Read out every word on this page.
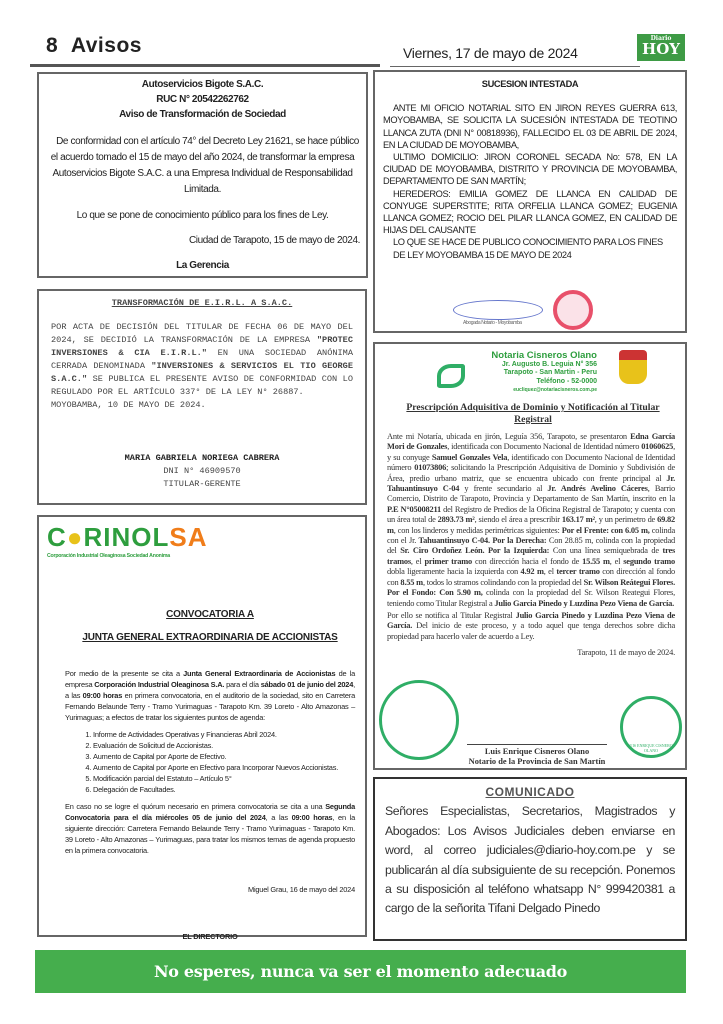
8 Avisos	Viernes, 17 de mayo de 2024
Diario
HOY
Autoservicios Bigote S.A.C.
RUC N° 20542262762
Aviso de Transformación de Sociedad

De conformidad con el artículo 74° del Decreto Ley 21621, se hace público el acuerdo tomado el 15 de mayo del año 2024, de transformar la empresa Autoservicios Bigote S.A.C. a una Empresa Individual de Responsabilidad Limitada.

Lo que se pone de conocimiento público para los fines de Ley.

Ciudad de Tarapoto, 15 de mayo de 2024.

La Gerencia

TRANSFORMACIÓN DE E.I.R.L. A S.A.C.
POR ACTA DE DECISIÓN DEL TITULAR DE FECHA 06 DE MAYO DEL 2024, SE DECIDIÓ LA TRANSFORMACIÓN DE LA EMPRESA "PROTEC INVERSIONES & CIA E.I.R.L." EN UNA SOCIEDAD ANÓNIMA CERRADA DENOMINADA "INVERSIONES & SERVICIOS EL TIO GEORGE S.A.C." SE PUBLICA EL PRESENTE AVISO DE CONFORMIDAD CON LO REGULADO POR EL ARTÍCULO 337° DE LA LEY N° 26887.
MOYOBAMBA, 10 DE MAYO DE 2024.
MARIA GABRIELA NORIEGA CABRERA
DNI N° 46909570
TITULAR-GERENTE
C●RINOLSA
Corporación Industrial Oleaginosa Sociedad Anonima
CONVOCATORIA A
JUNTA GENERAL EXTRAORDINARIA DE ACCIONISTAS
Por medio de la presente se cita a Junta General Extraordinaria de Accionistas de la empresa Corporación Industrial Oleaginosa S.A. para el día sábado 01 de junio del 2024, a las 09:00 horas en primera convocatoria, en el auditorio de la sociedad, sito en Carretera Fernando Belaunde Terry - Tramo Yurimaguas - Tarapoto Km. 39 Loreto - Alto Amazonas – Yurimaguas; a efectos de tratar los siguientes puntos de agenda:
1. Informe de Actividades Operativas y Financieras Abril 2024.
2. Evaluación de Solicitud de Accionistas.
3. Aumento de Capital por Aporte de Efectivo.
4. Aumento de Capital por Aporte en Efectivo para Incorporar Nuevos Accionistas.
5. Modificación parcial del Estatuto – Artículo 5°
6. Delegación de Facultades.
En caso no se logre el quórum necesario en primera convocatoria se cita a una Segunda Convocatoria para el día miércoles 05 de junio del 2024, a las 09:00 horas, en la siguiente dirección: Carretera Fernando Belaunde Terry - Tramo Yurimaguas - Tarapoto Km. 39 Loreto - Alto Amazonas – Yurimaguas, para tratar los mismos temas de agenda propuesto en la primera convocatoria.
Miguel Grau, 16 de mayo del 2024
EL DIRECTORIO
SUCESION INTESTADA

ANTE MI OFICIO NOTARIAL SITO EN JIRON REYES GUERRA 613, MOYOBAMBA, SE SOLICITA LA SUCESIÓN INTESTADA DE TEOTINO LLANCA ZUTA (DNI N° 00818936), FALLECIDO EL 03 DE ABRIL DE 2024, EN LA CIUDAD DE MOYOBAMBA,

ULTIMO DOMICILIO: JIRON CORONEL SECADA No: 578, EN LA CIUDAD DE MOYOBAMBA, DISTRITO Y PROVINCIA DE MOYOBAMBA, DEPARTAMENTO DE SAN MARTÍN;

HEREDEROS: EMILIA GOMEZ DE LLANCA EN CALIDAD DE CONYUGE SUPERSTITE; RITA ORFELIA LLANCA GOMEZ; EUGENIA LLANCA GOMEZ; ROCIO DEL PILAR LLANCA GOMEZ, EN CALIDAD DE HIJAS DEL CAUSANTE

LO QUE SE HACE DE PUBLICO CONOCIMIENTO PARA LOS FINES DE LEY MOYOBAMBA 15 DE MAYO DE 2024

Abogada Notario - Moyobamba
Notaria Cisneros Olano
Jr. Augusto B. Leguia N° 356
Tarapoto - San Martin - Peru
Teléfono - 52-0000
eucliquez@notariacisneros.com.pe
Prescripción Adquisitiva de Dominio y Notificación al Titular Registral
LUIS ENRIQUE CISNEROS OLANO
Ante mi Notaría, ubicada en jirón, Leguía 356, Tarapoto, se presentaron Edna García Mori de Gonzales, identificada con Documento Nacional de Identidad número 01060625, y su conyuge Samuel Gonzales Vela, identificado con Documento Nacional de Identidad número 01073806; solicitando la Prescripción Adquisitiva de Dominio y Subdivisión de Área, predio urbano matriz, que se encuentra ubicado con frente principal al Jr. Tahuantinsuyo C-04 y frente secundario al Jr. Andrés Avelino Cáceres, Barrio Comercio, Distrito de Tarapoto, Provincia y Departamento de San Martín, inscrito en la P.E N°05008211 del Registro de Predios de la Oficina Registral de Tarapoto; y cuenta con un área total de 2893.73 m², siendo el área a prescribir 163.17 m², y un perimetro de 69.82 m, con los linderos y medidas perimétricas siguientes: Por el Frente: con 6.05 m, colinda con el Jr. Tahuantinsuyo C-04. Por la Derecha: Con 28.85 m, colinda con la propiedad del Sr. Ciro Ordoñez León. Por la Izquierda: Con una línea semiquebrada de tres tramos, el primer tramo con dirección hacia el fondo de 15.55 m, el segundo tramo dobla ligeramente hacia la izquierda con 4.92 m, el tercer tramo con dirección al fondo con 8.55 m, todos lo stramos colindando con la propiedad del Sr. Wilson Reátegui Flores. Por el Fondo: Con 5.90 m, colinda con la propiedad del Sr. Wilson Reategui Flores, teniendo como Titular Registral a Julio Garcia Pinedo y Luzdina Pezo Viena de García.
Por ello se notifica al Titular Registral Julio Garcia Pinedo y Luzdina Pezo Viena de García. Del inicio de este proceso, y a todo aquel que tenga derechos sobre dicha propiedad para hacerlo valer de acuerdo a Ley.
Tarapoto, 11 de mayo de 2024.
Luis Enrique Cisneros Olano
Notario de la Provincia de San Martín
COMUNICADO
Señores Especialistas, Secretarios, Magistrados y Abogados: Los Avisos Judiciales deben enviarse en word, al correo judiciales@diario-hoy.com.pe y se publicarán al día subsiguiente de su recepción. Ponemos a su disposición al teléfono whatsapp N° 999420381 a cargo de la señorita Tifani Delgado Pinedo
No esperes, nunca va ser el momento adecuado
